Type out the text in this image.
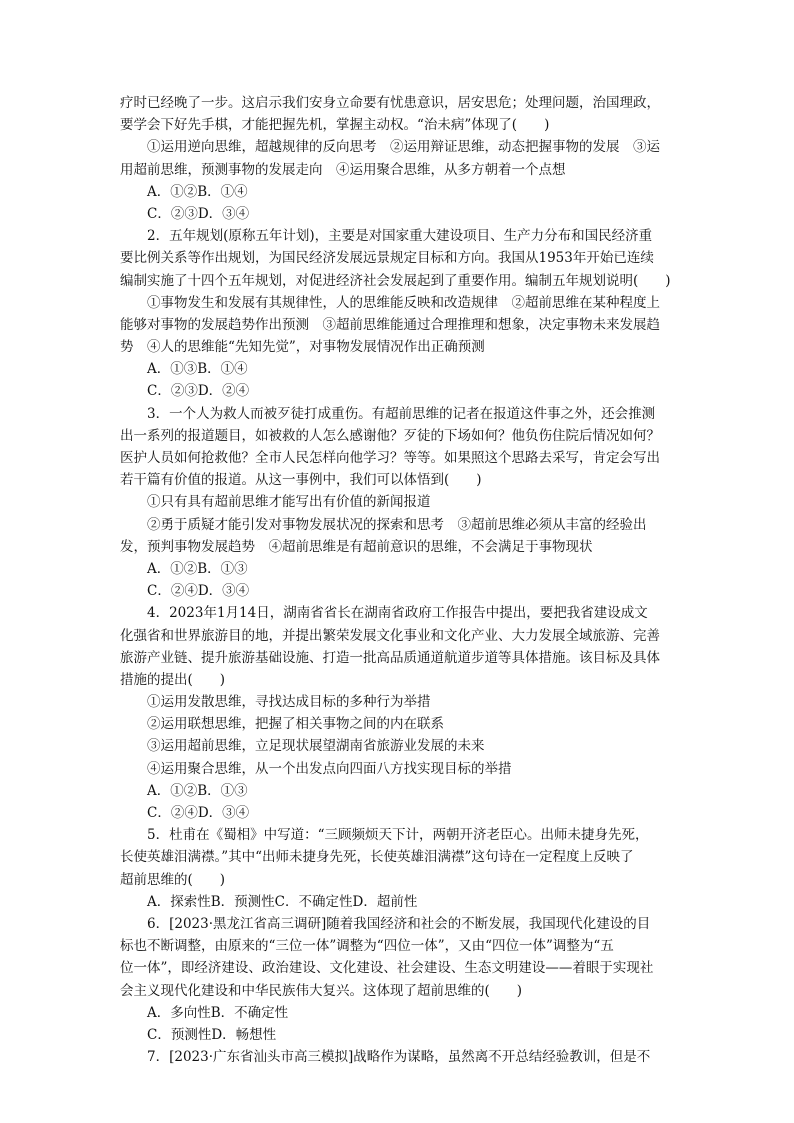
疗时已经晚了一步。这启示我们安身立命要有忧患意识，居安思危；处理问题，治国理政，
要学会下好先手棋，才能把握先机，掌握主动权。“治未病”体现了(　　)
①运用逆向思维，超越规律的反向思考　②运用辩证思维，动态把握事物的发展　③运
用超前思维，预测事物的发展走向　④运用聚合思维，从多方朝着一个点想
A．①②B．①④
C．②③D．③④
2．五年规划(原称五年计划)，主要是对国家重大建设项目、生产力分布和国民经济重
要比例关系等作出规划，为国民经济发展远景规定目标和方向。我国从1953年开始已连续
编制实施了十四个五年规划，对促进经济社会发展起到了重要作用。编制五年规划说明(　　)
①事物发生和发展有其规律性，人的思维能反映和改造规律　②超前思维在某种程度上
能够对事物的发展趋势作出预测　③超前思维能通过合理推理和想象，决定事物未来发展趋
势　④人的思维能“先知先觉”，对事物发展情况作出正确预测
A．①③B．①④
C．②③D．②④
3．一个人为救人而被歹徒打成重伤。有超前思维的记者在报道这件事之外，还会推测
出一系列的报道题目，如被救的人怎么感谢他？歹徒的下场如何？他负伤住院后情况如何？
医护人员如何抢救他？全市人民怎样向他学习？等等。如果照这个思路去采写，肯定会写出
若干篇有价值的报道。从这一事例中，我们可以体悟到(　　)
①只有具有超前思维才能写出有价值的新闻报道
②勇于质疑才能引发对事物发展状况的探索和思考　③超前思维必须从丰富的经验出
发，预判事物发展趋势　④超前思维是有超前意识的思维，不会满足于事物现状
A．①②B．①③
C．②④D．③④
4．2023年1月14日，湖南省省长在湖南省政府工作报告中提出，要把我省建设成文
化强省和世界旅游目的地，并提出繁荣发展文化事业和文化产业、大力发展全域旅游、完善
旅游产业链、提升旅游基础设施、打造一批高品质通道航道步道等具体措施。该目标及具体
措施的提出(　　)
①运用发散思维，寻找达成目标的多种行为举措
②运用联想思维，把握了相关事物之间的内在联系
③运用超前思维，立足现状展望湖南省旅游业发展的未来
④运用聚合思维，从一个出发点向四面八方找实现目标的举措
A．①②B．①③
C．②④D．③④
5．杜甫在《蜀相》中写道：“三顾频烦天下计，两朝开济老臣心。出师未捷身先死，
长使英雄泪满襟。”其中“出师未捷身先死，长使英雄泪满襟”这句诗在一定程度上反映了
超前思维的(　　)
A．探索性B．预测性C．不确定性D．超前性
6．[2023·黑龙江省高三调研]随着我国经济和社会的不断发展，我国现代化建设的目
标也不断调整，由原来的“三位一体”调整为“四位一体”，又由“四位一体”调整为“五
位一体”，即经济建设、政治建设、文化建设、社会建设、生态文明建设——着眼于实现社
会主义现代化建设和中华民族伟大复兴。这体现了超前思维的(　　)
A．多向性B．不确定性
C．预测性D．畅想性
7．[2023·广东省汕头市高三模拟]战略作为谋略，虽然离不开总结经验教训，但是不
